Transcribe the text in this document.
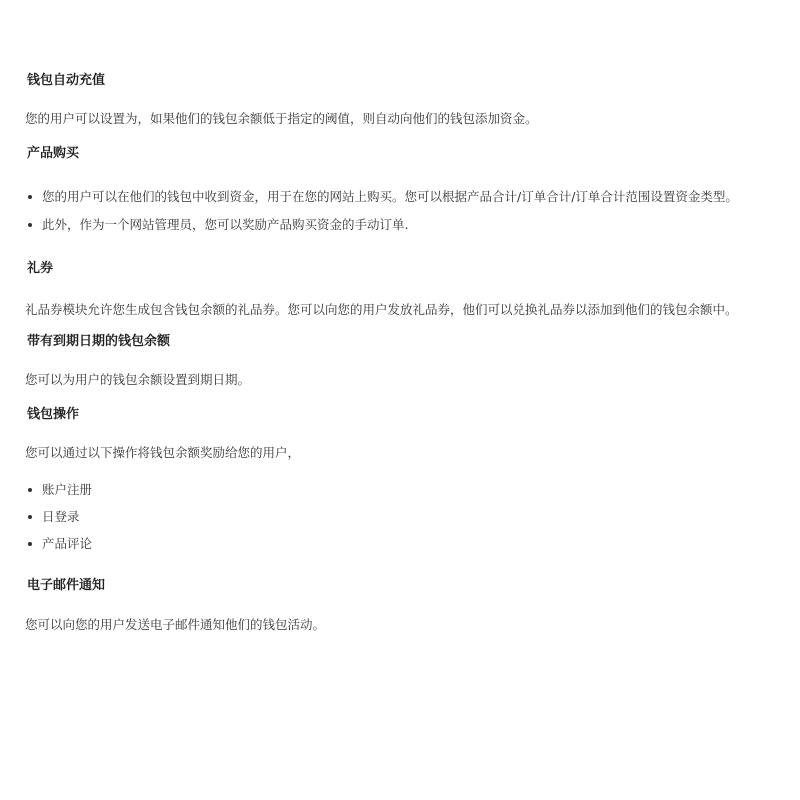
钱包自动充值

您的用户可以设置为，如果他们的钱包余额低于指定的阈值，则自动向他们的钱包添加资金。

产品购买
您的用户可以在他们的钱包中收到资金，用于在您的网站上购买。您可以根据产品合计/订单合计/订单合计范围设置资金类型。
此外，作为一个网站管理员，您可以奖励产品购买资金的手动订单.
礼券

礼品券模块允许您生成包含钱包余额的礼品券。您可以向您的用户发放礼品券，他们可以兑换礼品券以添加到他们的钱包余额中。

带有到期日期的钱包余额

您可以为用户的钱包余额设置到期日期。

钱包操作

您可以通过以下操作将钱包余额奖励给您的用户，

账户注册
日登录
产品评论
电子邮件通知

您可以向您的用户发送电子邮件通知他们的钱包活动。
